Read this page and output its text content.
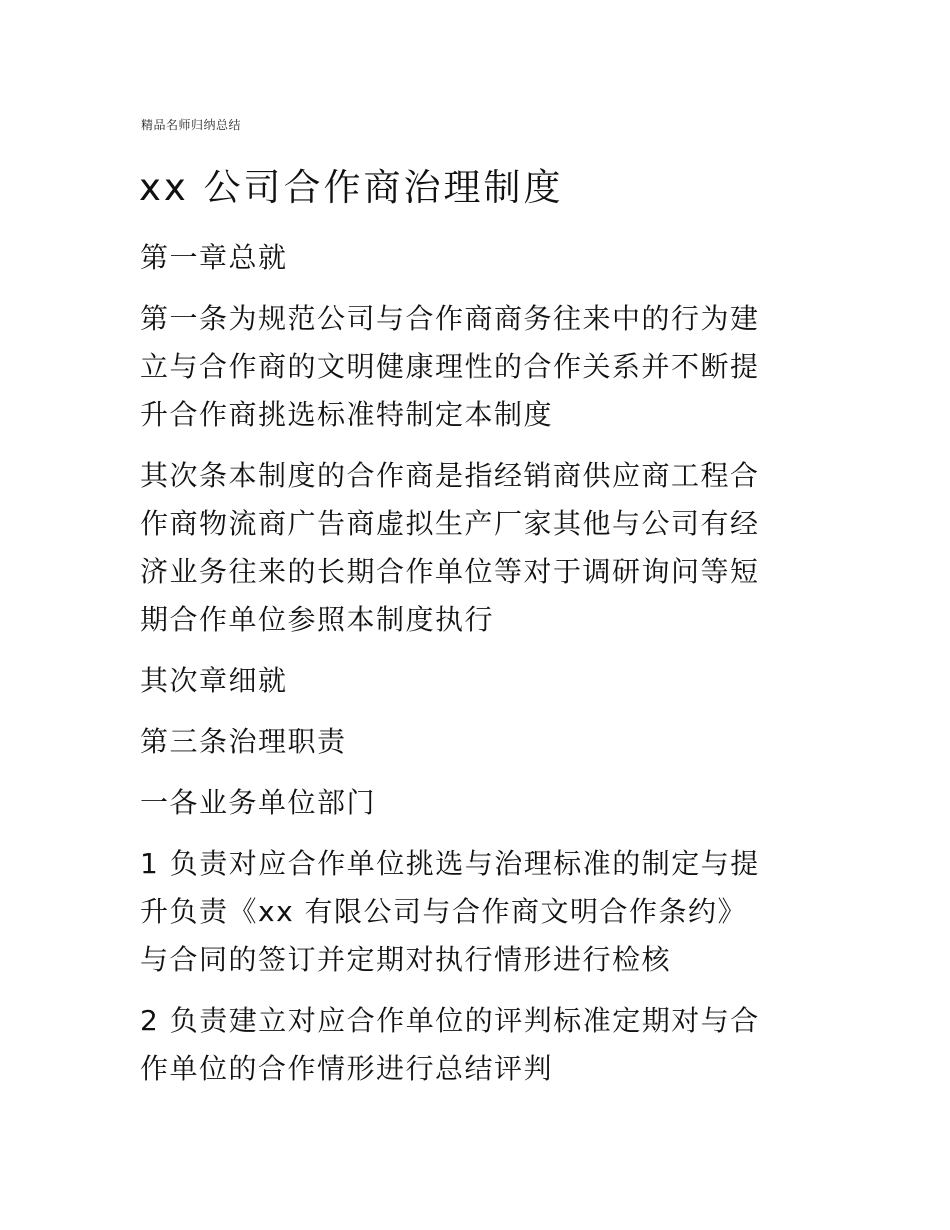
精品名师归纳总结
xx 公司合作商治理制度

第一章总就

第一条为规范公司与合作商商务往来中的行为建
立与合作商的文明健康理性的合作关系并不断提
升合作商挑选标准特制定本制度

其次条本制度的合作商是指经销商供应商工程合
作商物流商广告商虚拟生产厂家其他与公司有经
济业务往来的长期合作单位等对于调研询问等短
期合作单位参照本制度执行

其次章细就

第三条治理职责

一各业务单位部门

1 负责对应合作单位挑选与治理标准的制定与提
升负责《xx 有限公司与合作商文明合作条约》
与合同的签订并定期对执行情形进行检核

2 负责建立对应合作单位的评判标准定期对与合
作单位的合作情形进行总结评判
